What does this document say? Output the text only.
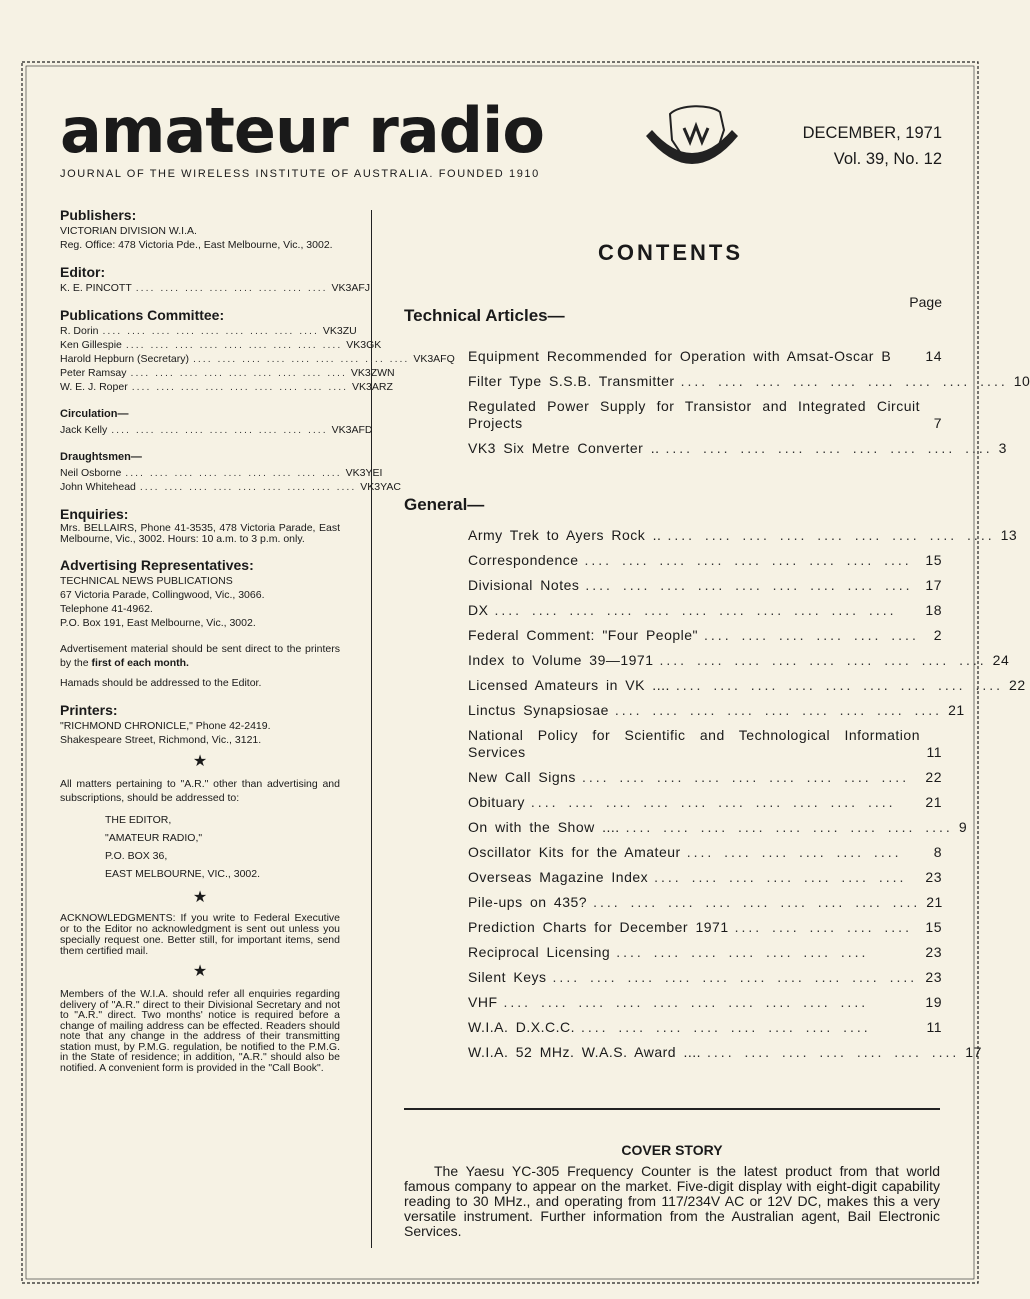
amateur radio
JOURNAL OF THE WIRELESS INSTITUTE OF AUSTRALIA. FOUNDED 1910
WIRELESS INSTITUTE OF AUSTRALIA
DECEMBER, 1971
Vol. 39, No. 12
Publishers:
VICTORIAN DIVISION W.I.A.
Reg. Office: 478 Victoria Pde., East Melbourne, Vic., 3002.
Editor:
K. E. PINCOTT .... .... .... .... .... .... .... .... VK3AFJ
Publications Committee:
R. Dorin .... .... .... .... .... .... .... .... .... VK3ZU
Ken Gillespie .... .... .... .... .... .... .... .... .... VK3GK
Harold Hepburn (Secretary) .... .... .... .... .... .... .... .... .... VK3AFQ
Peter Ramsay .... .... .... .... .... .... .... .... .... VK3ZWN
W. E. J. Roper .... .... .... .... .... .... .... .... .... VK3ARZ
Circulation—
Jack Kelly .... .... .... .... .... .... .... .... .... VK3AFD
Draughtsmen—
Neil Osborne .... .... .... .... .... .... .... .... .... VK3YEI
John Whitehead .... .... .... .... .... .... .... .... .... VK3YAC
Enquiries:
Mrs. BELLAIRS, Phone 41-3535, 478 Victoria Parade, East Melbourne, Vic., 3002. Hours: 10 a.m. to 3 p.m. only.
Advertising Representatives:
TECHNICAL NEWS PUBLICATIONS
67 Victoria Parade, Collingwood, Vic., 3066.
Telephone 41-4962.
P.O. Box 191, East Melbourne, Vic., 3002.
Advertisement material should be sent direct to the printers by the first of each month.
Hamads should be addressed to the Editor.
Printers:
"RICHMOND CHRONICLE," Phone 42-2419.
Shakespeare Street, Richmond, Vic., 3121.
★
All matters pertaining to "A.R." other than advertising and subscriptions, should be addressed to:
THE EDITOR,
"AMATEUR RADIO,"
P.O. BOX 36,
EAST MELBOURNE, VIC., 3002.
★
ACKNOWLEDGMENTS: If you write to Federal Executive or to the Editor no acknowledgment is sent out unless you specially request one. Better still, for important items, send them certified mail.
★
Members of the W.I.A. should refer all enquiries regarding delivery of "A.R." direct to their Divisional Secretary and not to "A.R." direct. Two months' notice is required before a change of mailing address can be effected. Readers should note that any change in the address of their transmitting station must, by P.M.G. regulation, be notified to the P.M.G. in the State of residence; in addition, "A.R." should also be notified. A convenient form is provided in the "Call Book".
CONTENTS
Page
Technical Articles—
Equipment Recommended for Operation with Amsat-Oscar B	14
Filter Type S.S.B. Transmitter .... .... .... .... .... .... .... .... .... 10
Regulated Power Supply for Transistor and Integrated Circuit Projects	7
VK3 Six Metre Converter .. .... .... .... .... .... .... .... .... .... 3
General—
Army Trek to Ayers Rock .. .... .... .... .... .... .... .... .... .... 13
Correspondence .... .... .... .... .... .... .... .... .... 15
Divisional Notes .... .... .... .... .... .... .... .... .... 17
DX .... .... .... .... .... .... .... .... .... .... ....	18
Federal Comment: "Four People" .... .... .... .... .... ....	2
Index to Volume 39—1971 .... .... .... .... .... .... .... .... .... 24
Licensed Amateurs in VK .... .... .... .... .... .... .... .... .... .... 22
Linctus Synapsiosae .... .... .... .... .... .... .... .... .... 21
National Policy for Scientific and Technological Information Services	11
New Call Signs .... .... .... .... .... .... .... .... ....	22
Obituary .... .... .... .... .... .... .... .... .... ....	21
On with the Show .... .... .... .... .... .... .... .... .... .... 9
Oscillator Kits for the Amateur .... .... .... .... .... ....	8
Overseas Magazine Index .... .... .... .... .... .... ....	23
Pile-ups on 435? .... .... .... .... .... .... .... .... .... 21
Prediction Charts for December 1971 .... .... .... .... .... 15
Reciprocal Licensing .... .... .... .... .... .... ....	23
Silent Keys .... .... .... .... .... .... .... .... .... .... 23
VHF .... .... .... .... .... .... .... .... .... ....	19
W.I.A. D.X.C.C. .... .... .... .... .... .... .... ....	11
W.I.A. 52 MHz. W.A.S. Award .... .... .... .... .... .... .... .... 17
COVER STORY
The Yaesu YC-305 Frequency Counter is the latest product from that world famous company to appear on the market. Five-digit display with eight-digit capability reading to 30 MHz., and operating from 117/234V AC or 12V DC, makes this a very versatile instrument. Further information from the Australian agent, Bail Electronic Services.
